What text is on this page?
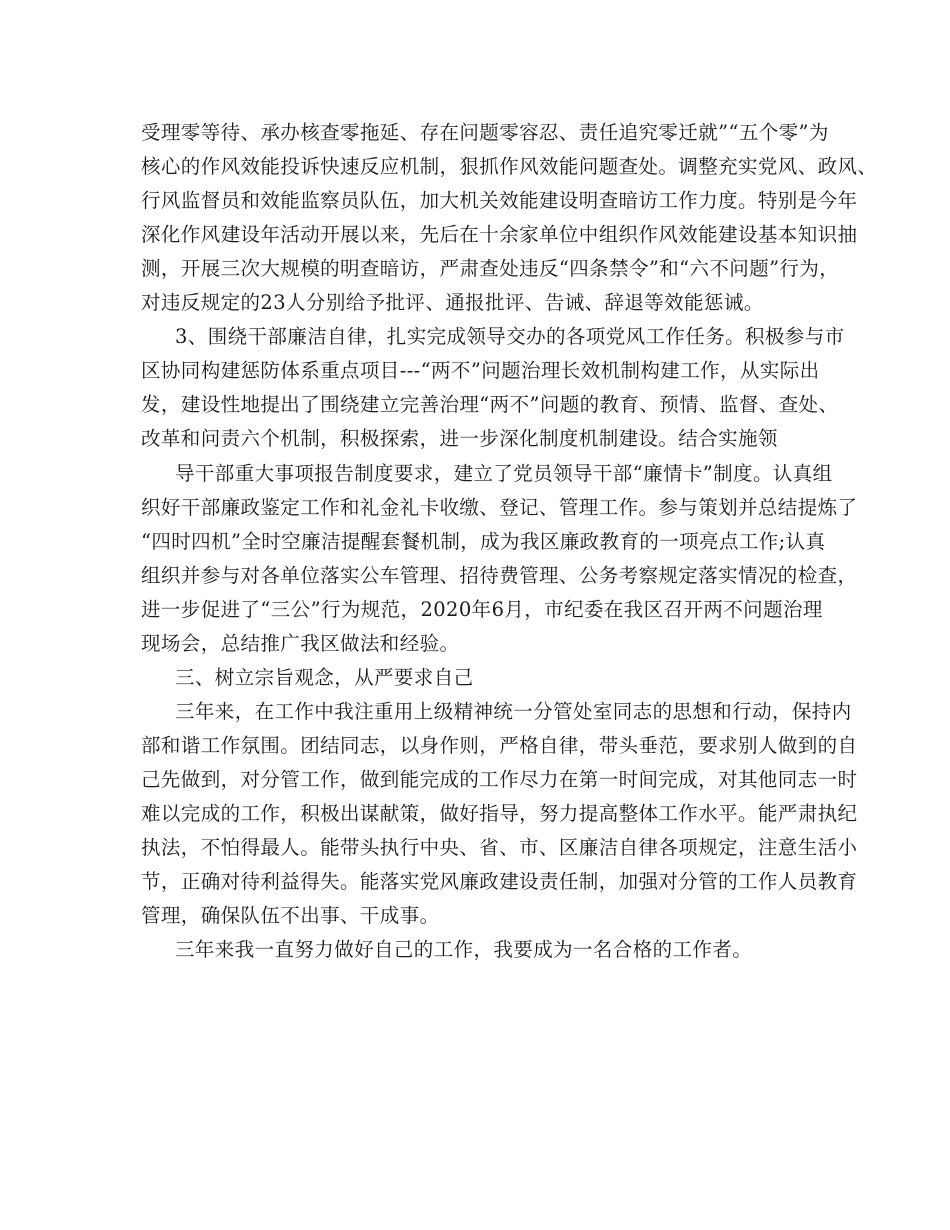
受理零等待、承办核查零拖延、存在问题零容忍、责任追究零迁就”“五个零”为
核心的作风效能投诉快速反应机制，狠抓作风效能问题查处。调整充实党风、政风、
行风监督员和效能监察员队伍，加大机关效能建设明查暗访工作力度。特别是今年
深化作风建设年活动开展以来，先后在十余家单位中组织作风效能建设基本知识抽
测，开展三次大规模的明查暗访，严肃查处违反“四条禁令”和“六不问题”行为，
对违反规定的23人分别给予批评、通报批评、告诫、辞退等效能惩诫。
3、围绕干部廉洁自律，扎实完成领导交办的各项党风工作任务。积极参与市
区协同构建惩防体系重点项目---“两不”问题治理长效机制构建工作，从实际出
发，建设性地提出了围绕建立完善治理“两不”问题的教育、预情、监督、查处、
改革和问责六个机制，积极探索，进一步深化制度机制建设。结合实施领
导干部重大事项报告制度要求，建立了党员领导干部“廉情卡”制度。认真组
织好干部廉政鉴定工作和礼金礼卡收缴、登记、管理工作。参与策划并总结提炼了
“四时四机”全时空廉洁提醒套餐机制，成为我区廉政教育的一项亮点工作;认真
组织并参与对各单位落实公车管理、招待费管理、公务考察规定落实情况的检查，
进一步促进了“三公”行为规范，2020年6月，市纪委在我区召开两不问题治理
现场会，总结推广我区做法和经验。
三、树立宗旨观念，从严要求自己
三年来，在工作中我注重用上级精神统一分管处室同志的思想和行动，保持内
部和谐工作氛围。团结同志，以身作则，严格自律，带头垂范，要求别人做到的自
己先做到，对分管工作，做到能完成的工作尽力在第一时间完成，对其他同志一时
难以完成的工作，积极出谋献策，做好指导，努力提高整体工作水平。能严肃执纪
执法，不怕得最人。能带头执行中央、省、市、区廉洁自律各项规定，注意生活小
节，正确对待利益得失。能落实党风廉政建设责任制，加强对分管的工作人员教育
管理，确保队伍不出事、干成事。
三年来我一直努力做好自己的工作，我要成为一名合格的工作者。
